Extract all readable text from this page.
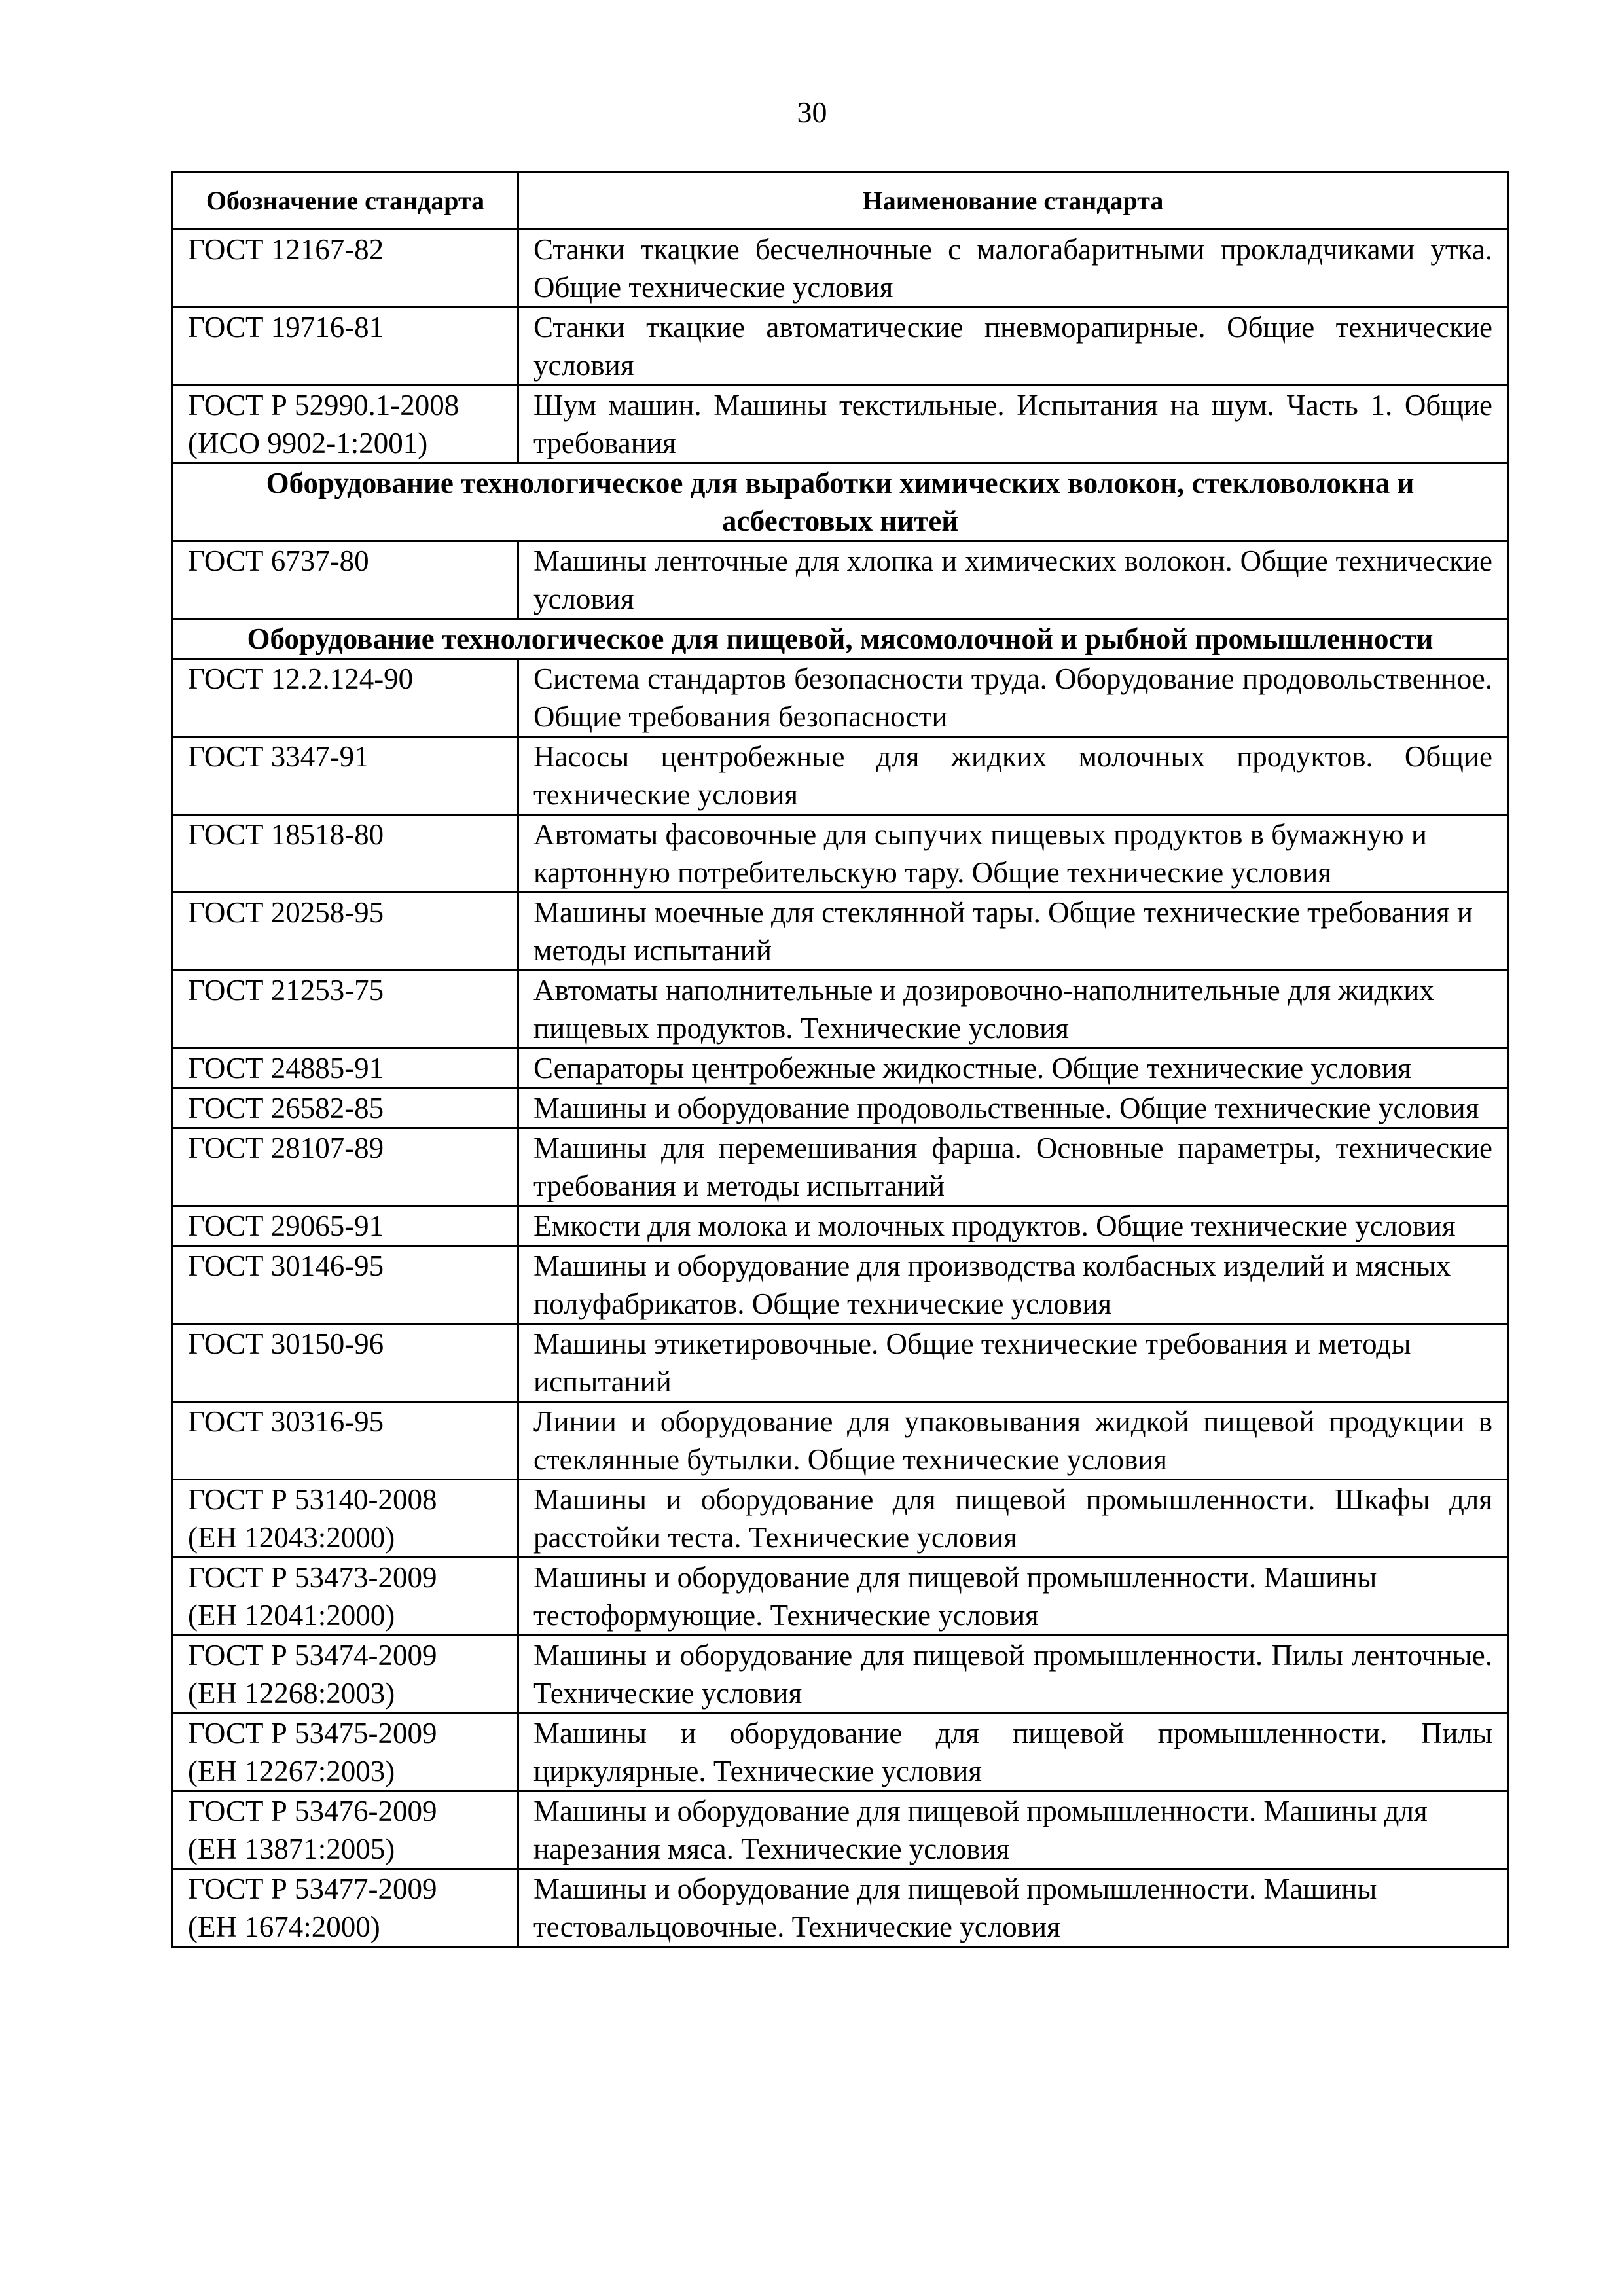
30
Обозначение стандарта	Наименование стандарта

ГОСТ 12167-82	Станки ткацкие бесчелночные с малогабаритными прокладчиками утка. Общие технические условия

ГОСТ 19716-81	Станки ткацкие автоматические пневморапирные. Общие технические условия

ГОСТ Р 52990.1-2008
(ИСО 9902-1:2001)	Шум машин. Машины текстильные. Испытания на шум. Часть 1. Общие требования
Оборудование технологическое для выработки химических волокон, стекловолокна и асбестовых нитей	

ГОСТ 6737-80	Машины ленточные для хлопка и химических волокон. Общие технические условия
Оборудование технологическое для пищевой, мясомолочной и рыбной промышленности	

ГОСТ 12.2.124-90	Система стандартов безопасности труда. Оборудование продовольственное. Общие требования безопасности

ГОСТ 3347-91	Насосы центробежные для жидких молочных продуктов. Общие технические условия

ГОСТ 18518-80	Автоматы фасовочные для сыпучих пищевых продуктов в бумажную и картонную потребительскую тару. Общие технические условия

ГОСТ 20258-95	Машины моечные для стеклянной тары. Общие технические требования и методы испытаний

ГОСТ 21253-75	Автоматы наполнительные и дозировочно-наполнительные для жидких пищевых продуктов. Технические условия

ГОСТ 24885-91	Сепараторы центробежные жидкостные. Общие технические условия

ГОСТ 26582-85	Машины и оборудование продовольственные. Общие технические условия

ГОСТ 28107-89	Машины для перемешивания фарша. Основные параметры, технические требования и методы испытаний

ГОСТ 29065-91	Емкости для молока и молочных продуктов. Общие технические условия

ГОСТ 30146-95	Машины и оборудование для производства колбасных изделий и мясных полуфабрикатов. Общие технические условия

ГОСТ 30150-96	Машины этикетировочные. Общие технические требования и методы испытаний

ГОСТ 30316-95	Линии и оборудование для упаковывания жидкой пищевой продукции в стеклянные бутылки. Общие технические условия

ГОСТ Р 53140-2008
(ЕН 12043:2000)	Машины и оборудование для пищевой промышленности. Шкафы для расстойки теста. Технические условия

ГОСТ Р 53473-2009
(ЕН 12041:2000)	Машины и оборудование для пищевой промышленности. Машины тестоформующие. Технические условия

ГОСТ Р 53474-2009
(ЕН 12268:2003)	Машины и оборудование для пищевой промышленности. Пилы ленточные. Технические условия

ГОСТ Р 53475-2009
(ЕН 12267:2003)	Машины и оборудование для пищевой промышленности. Пилы циркулярные. Технические условия

ГОСТ Р 53476-2009
(ЕН 13871:2005)	Машины и оборудование для пищевой промышленности. Машины для нарезания мяса. Технические условия

ГОСТ Р 53477-2009
(ЕН 1674:2000)	Машины и оборудование для пищевой промышленности. Машины тестовальцовочные. Технические условия
